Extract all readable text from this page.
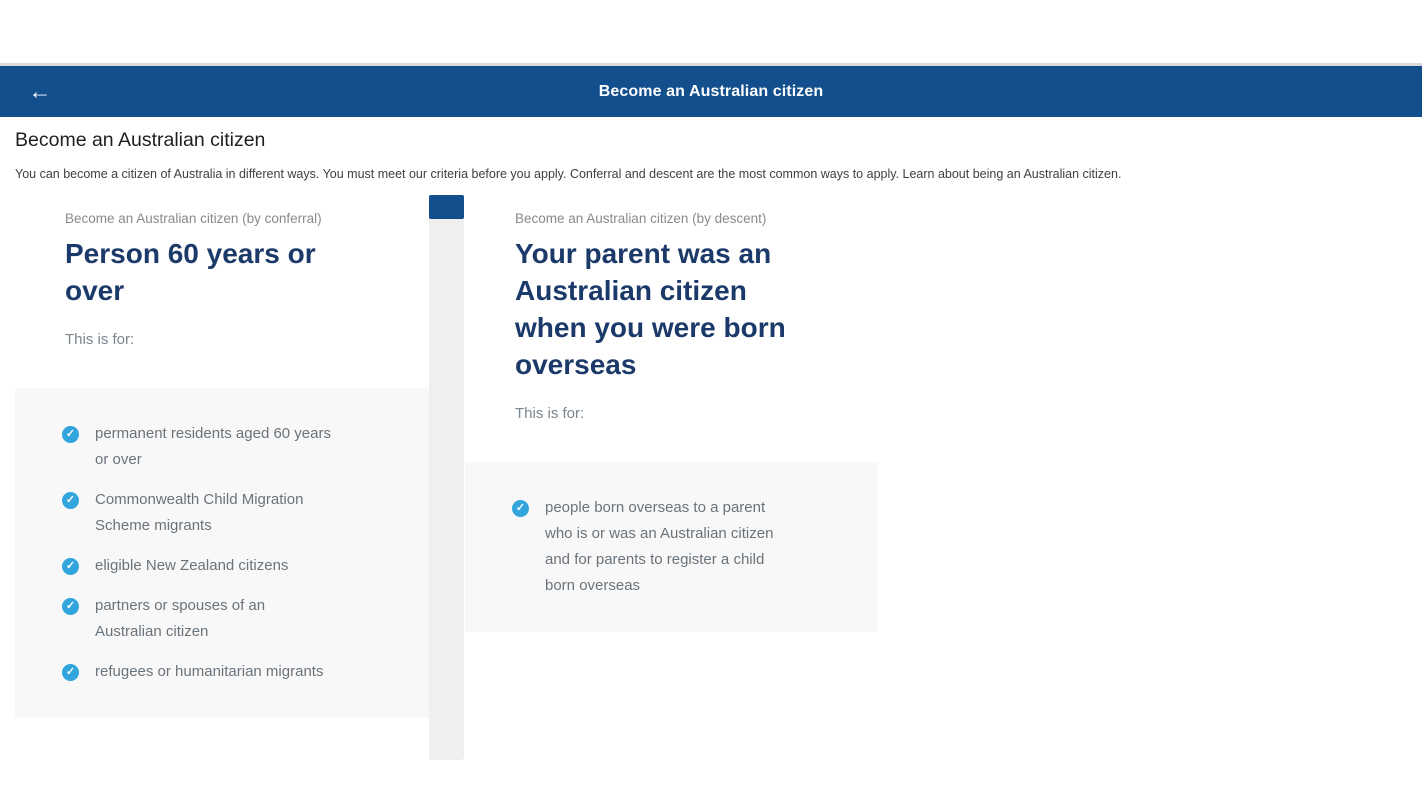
←	Become an Australian citizen
Become an Australian citizen

You can become a citizen of Australia in different ways. You must meet our criteria before you apply. Conferral and descent are the most common ways to apply. Learn about being an Australian citizen.

Become an Australian citizen (by conferral)
Person 60 years or over
This is for:
✓ permanent residents aged 60 years or over
✓ Commonwealth Child Migration Scheme migrants
✓ eligible New Zealand citizens
✓ partners or spouses of an Australian citizen
✓ refugees or humanitarian migrants
Become an Australian citizen (by descent)
Your parent was an Australian citizen when you were born overseas
This is for:
✓ people born overseas to a parent who is or was an Australian citizen and for parents to register a child born overseas
